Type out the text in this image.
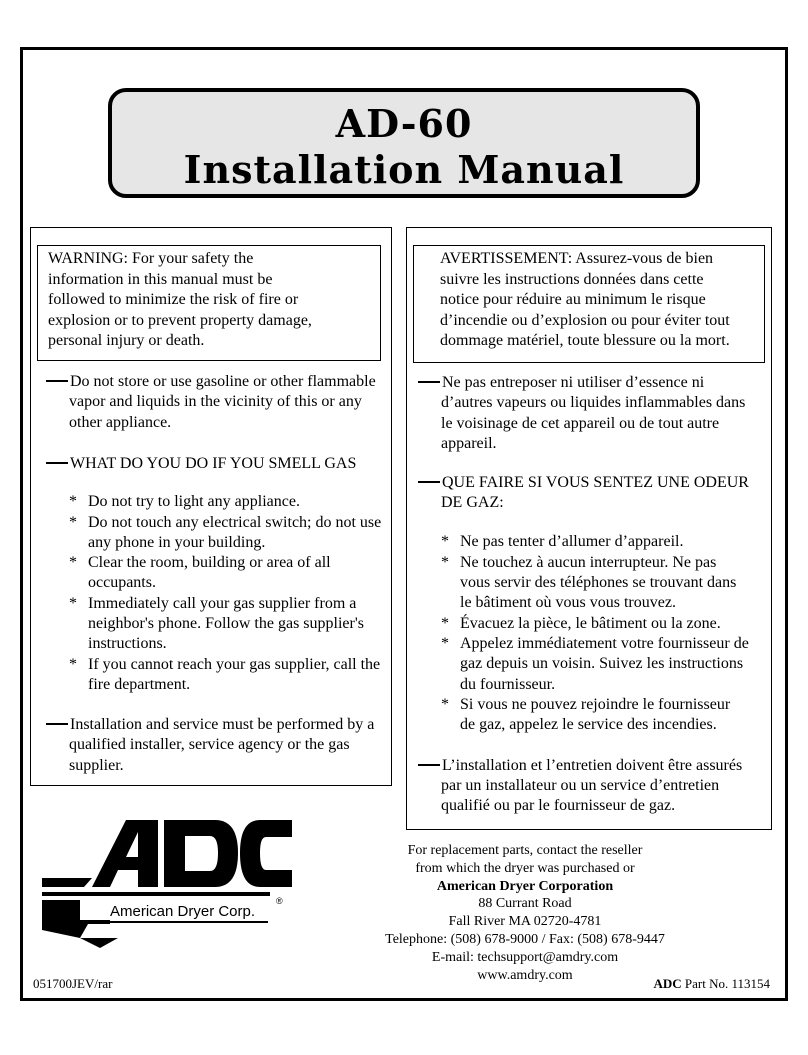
AD-60
Installation Manual
WARNING: For your safety the
information in this manual must be
followed to minimize the risk of fire or
explosion or to prevent property damage,
personal injury or death.
Do not store or use gasoline or other flammable
vapor and liquids in the vicinity of this or any
other appliance.
WHAT DO YOU DO IF YOU SMELL GAS
* Do not try to light any appliance.
* Do not touch any electrical switch; do not use
any phone in your building.
* Clear the room, building or area of all
occupants.
* Immediately call your gas supplier from a
neighbor's phone. Follow the gas supplier's
instructions.
* If you cannot reach your gas supplier, call the
fire department.
Installation and service must be performed by a
qualified installer, service agency or the gas
supplier.
AVERTISSEMENT: Assurez-vous de bien
suivre les instructions données dans cette
notice pour réduire au minimum le risque
d’incendie ou d’explosion ou pour éviter tout
dommage matériel, toute blessure ou la mort.
Ne pas entreposer ni utiliser d’essence ni
d’autres vapeurs ou liquides inflammables dans
le voisinage de cet appareil ou de tout autre
appareil.
QUE FAIRE SI VOUS SENTEZ UNE ODEUR
DE GAZ:
* Ne pas tenter d’allumer d’appareil.
* Ne touchez à aucun interrupteur. Ne pas
vous servir des téléphones se trouvant dans
le bâtiment où vous vous trouvez.
* Évacuez la pièce, le bâtiment ou la zone.
* Appelez immédiatement votre fournisseur de
gaz depuis un voisin. Suivez les instructions
du fournisseur.
* Si vous ne pouvez rejoindre le fournisseur
de gaz, appelez le service des incendies.
L’installation et l’entretien doivent être assurés
par un installateur ou un service d’entretien
qualifié ou par le fournisseur de gaz.
American Dryer Corp.
®
For replacement parts, contact the reseller
from which the dryer was purchased or
American Dryer Corporation
88 Currant Road
Fall River MA 02720-4781
Telephone: (508) 678-9000 / Fax: (508) 678-9447
E-mail: techsupport@amdry.com
www.amdry.com
051700JEV/rar	ADC Part No. 113154
